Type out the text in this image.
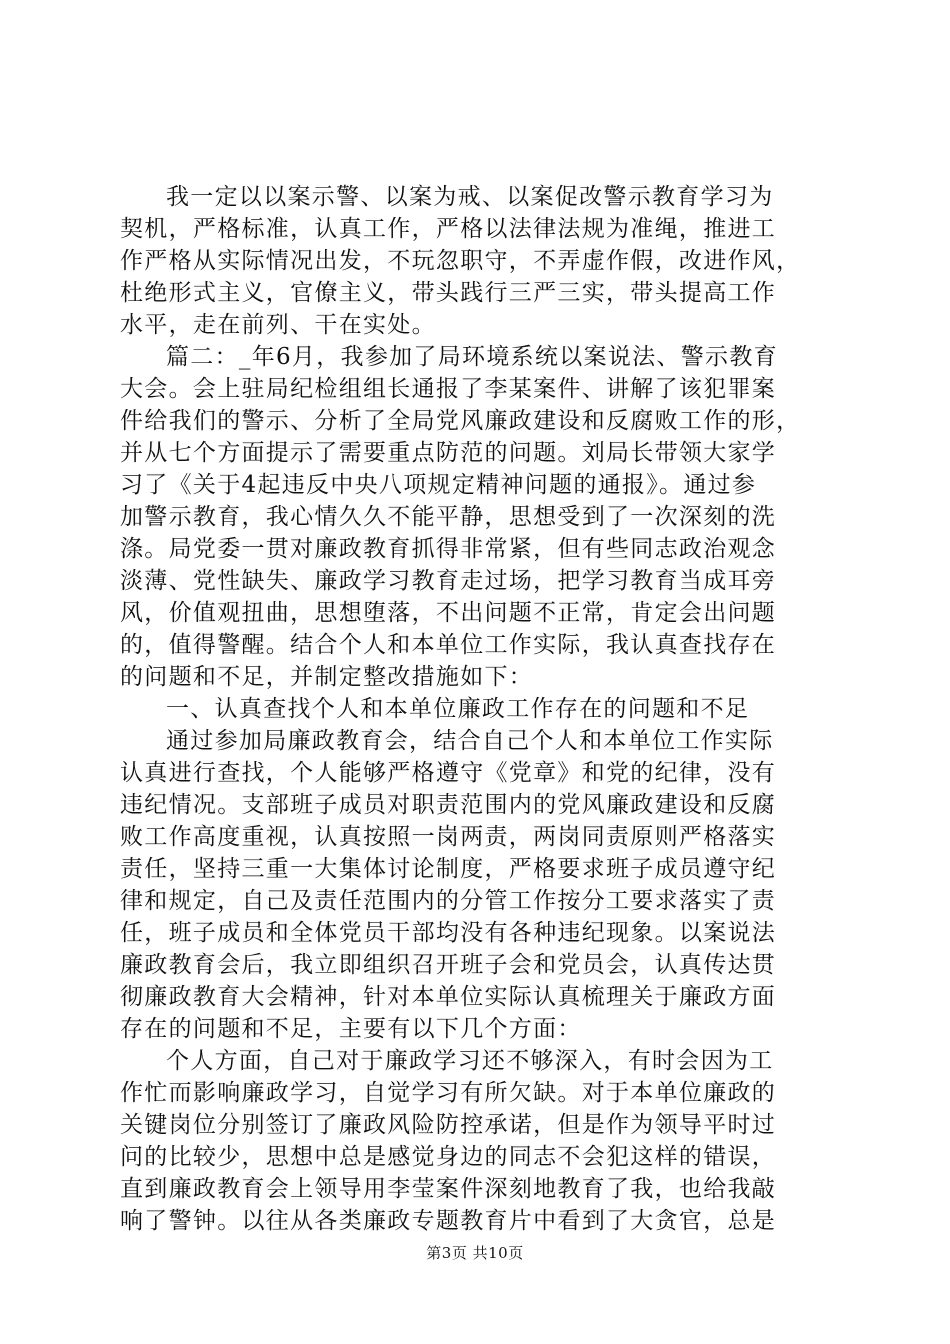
我一定以以案示警、以案为戒、以案促改警示教育学习为
契机，严格标准，认真工作，严格以法律法规为准绳，推进工
作严格从实际情况出发，不玩忽职守，不弄虚作假，改进作风，
杜绝形式主义，官僚主义，带头践行三严三实，带头提高工作
水平，走在前列、干在实处。
篇二：_年6月，我参加了局环境系统以案说法、警示教育
大会。会上驻局纪检组组长通报了李某案件、讲解了该犯罪案
件给我们的警示、分析了全局党风廉政建设和反腐败工作的形，
并从七个方面提示了需要重点防范的问题。刘局长带领大家学
习了《关于4起违反中央八项规定精神问题的通报》。通过参
加警示教育，我心情久久不能平静，思想受到了一次深刻的洗
涤。局党委一贯对廉政教育抓得非常紧，但有些同志政治观念
淡薄、党性缺失、廉政学习教育走过场，把学习教育当成耳旁
风，价值观扭曲，思想堕落，不出问题不正常，肯定会出问题
的，值得警醒。结合个人和本单位工作实际，我认真查找存在
的问题和不足，并制定整改措施如下：
一、认真查找个人和本单位廉政工作存在的问题和不足
通过参加局廉政教育会，结合自己个人和本单位工作实际
认真进行查找，个人能够严格遵守《党章》和党的纪律，没有
违纪情况。支部班子成员对职责范围内的党风廉政建设和反腐
败工作高度重视，认真按照一岗两责，两岗同责原则严格落实
责任，坚持三重一大集体讨论制度，严格要求班子成员遵守纪
律和规定，自己及责任范围内的分管工作按分工要求落实了责
任，班子成员和全体党员干部均没有各种违纪现象。以案说法
廉政教育会后，我立即组织召开班子会和党员会，认真传达贯
彻廉政教育大会精神，针对本单位实际认真梳理关于廉政方面
存在的问题和不足，主要有以下几个方面：
个人方面，自己对于廉政学习还不够深入，有时会因为工
作忙而影响廉政学习，自觉学习有所欠缺。对于本单位廉政的
关键岗位分别签订了廉政风险防控承诺，但是作为领导平时过
问的比较少，思想中总是感觉身边的同志不会犯这样的错误，
直到廉政教育会上领导用李莹案件深刻地教育了我，也给我敲
响了警钟。以往从各类廉政专题教育片中看到了大贪官，总是
第3页 共10页
